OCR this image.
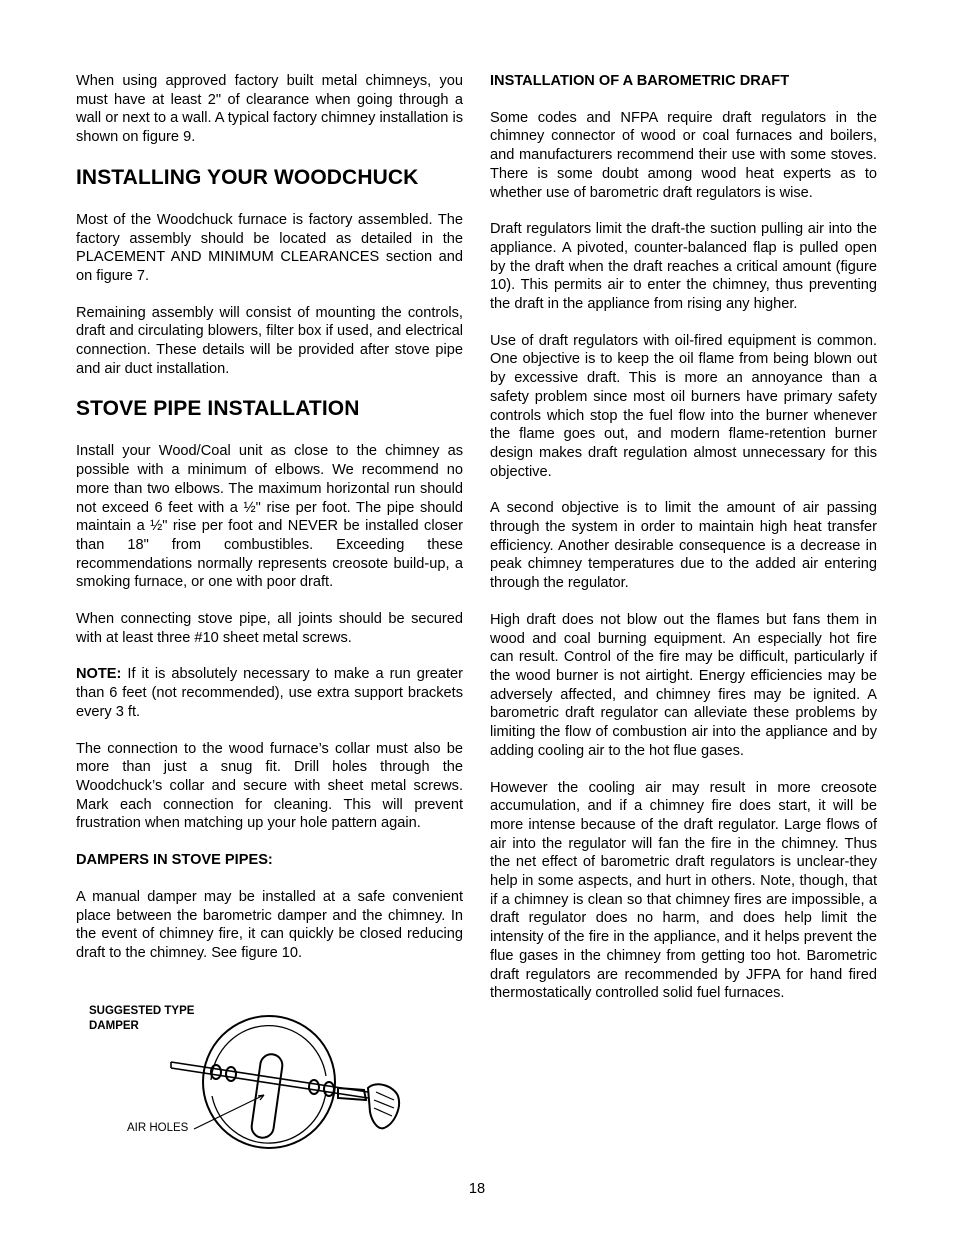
When using approved factory built metal chimneys, you must have at least 2" of clearance when going through a wall or next to a wall. A typical factory chimney installation is shown on figure 9.

INSTALLING YOUR WOODCHUCK

Most of the Woodchuck furnace is factory assembled. The factory assembly should be located as detailed in the PLACEMENT AND MINIMUM CLEARANCES section and on figure 7.

Remaining assembly will consist of mounting the controls, draft and circulating blowers, filter box if used, and electrical connection. These details will be provided after stove pipe and air duct installation.

STOVE PIPE INSTALLATION

Install your Wood/Coal unit as close to the chimney as possible with a minimum of elbows. We recommend no more than two elbows. The maximum horizontal run should not exceed 6 feet with a ½" rise per foot. The pipe should maintain a ½" rise per foot and NEVER be installed closer than 18" from combustibles. Exceeding these recommendations normally represents creosote build-up, a smoking furnace, or one with poor draft.

When connecting stove pipe, all joints should be secured with at least three #10 sheet metal screws.

NOTE: If it is absolutely necessary to make a run greater than 6 feet (not recommended), use extra support brackets every 3 ft.

The connection to the wood furnace’s collar must also be more than just a snug fit. Drill holes through the Woodchuck’s collar and secure with sheet metal screws. Mark each connection for cleaning. This will prevent frustration when matching up your hole pattern again.

DAMPERS IN STOVE PIPES:

A manual damper may be installed at a safe convenient place between the barometric damper and the chimney. In the event of chimney fire, it can quickly be closed reducing draft to the chimney. See figure 10.

SUGGESTED TYPE DAMPER
AIR HOLES
INSTALLATION OF A BAROMETRIC DRAFT

Some codes and NFPA require draft regulators in the chimney connector of wood or coal furnaces and boilers, and manufacturers recommend their use with some stoves. There is some doubt among wood heat experts as to whether use of barometric draft regulators is wise.

Draft regulators limit the draft-the suction pulling air into the appliance. A pivoted, counter-balanced flap is pulled open by the draft when the draft reaches a critical amount (figure 10). This permits air to enter the chimney, thus preventing the draft in the appliance from rising any higher.

Use of draft regulators with oil-fired equipment is common. One objective is to keep the oil flame from being blown out by excessive draft. This is more an annoyance than a safety problem since most oil burners have primary safety controls which stop the fuel flow into the burner whenever the flame goes out, and modern flame-retention burner design makes draft regulation almost unnecessary for this objective.

A second objective is to limit the amount of air passing through the system in order to maintain high heat transfer efficiency. Another desirable consequence is a decrease in peak chimney temperatures due to the added air entering through the regulator.

High draft does not blow out the flames but fans them in wood and coal burning equipment. An especially hot fire can result. Control of the fire may be difficult, particularly if the wood burner is not airtight. Energy efficiencies may be adversely affected, and chimney fires may be ignited. A barometric draft regulator can alleviate these problems by limiting the flow of combustion air into the appliance and by adding cooling air to the hot flue gases.

However the cooling air may result in more creosote accumulation, and if a chimney fire does start, it will be more intense because of the draft regulator. Large flows of air into the regulator will fan the fire in the chimney. Thus the net effect of barometric draft regulators is unclear-they help in some aspects, and hurt in others. Note, though, that if a chimney is clean so that chimney fires are impossible, a draft regulator does no harm, and does help limit the intensity of the fire in the appliance, and it helps prevent the flue gases in the chimney from getting too hot. Barometric draft regulators are recommended by JFPA for hand fired thermostatically controlled solid fuel furnaces.

18
